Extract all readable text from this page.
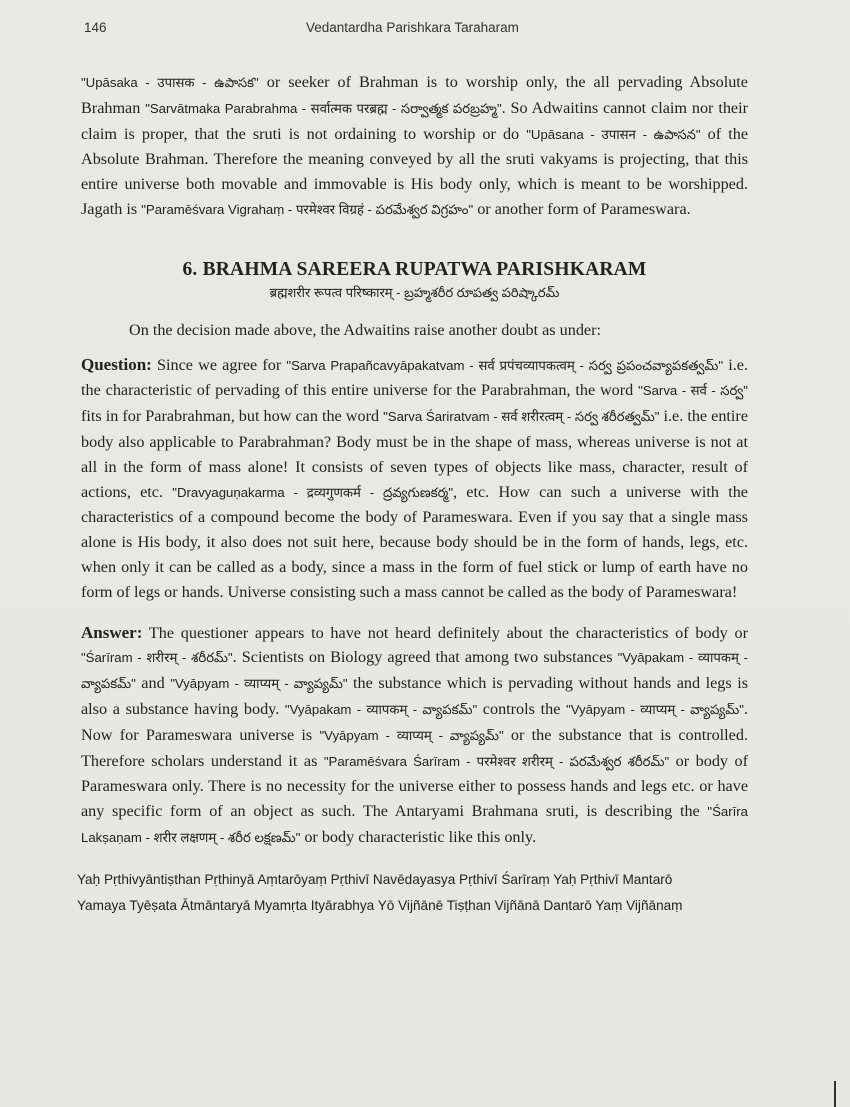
146	Vedantardha Parishkara Taraharam

"Upāsaka - उपासक - ఉపాసక" or seeker of Brahman is to worship only, the all pervading Absolute Brahman "Sarvātmaka Parabrahma - सर्वात्मक परब्रह्म - సర్వాత్మక పరబ్రహ్మ". So Adwaitins cannot claim nor their claim is proper, that the sruti is not ordaining to worship or do "Upāsana - उपासन - ఉపాసన" of the Absolute Brahman. Therefore the meaning conveyed by all the sruti vakyams is projecting, that this entire universe both movable and immovable is His body only, which is meant to be worshipped. Jagath is "Paramēśvara Vigrahaṃ - परमेश्वर विग्रहं - పరమేశ్వర విగ్రహం" or another form of Parameswara.

6. BRAHMA SAREERA RUPATWA PARISHKARAM
ब्रह्मशरीर रूपत्व परिष्कारम् - బ్రహ్మశరీర రూపత్వ పరిష్కారమ్

On the decision made above, the Adwaitins raise another doubt as under:

Question: Since we agree for "Sarva Prapañcavyāpakatvam - सर्व प्रपंचव्यापकत्वम् - సర్వ ప్రపంచవ్యాపకత్వమ్" i.e. the characteristic of pervading of this entire universe for the Parabrahman, the word "Sarva - सर्व - సర్వ" fits in for Parabrahman, but how can the word "Sarva Śariratvam - सर्व शरीरत्वम् - సర్వ శరీరత్వమ్" i.e. the entire body also applicable to Parabrahman? Body must be in the shape of mass, whereas universe is not at all in the form of mass alone! It consists of seven types of objects like mass, character, result of actions, etc. "Dravyaguṇakarma - द्रव्यगुणकर्म - ద్రవ్యగుణకర్మ", etc. How can such a universe with the characteristics of a compound become the body of Parameswara. Even if you say that a single mass alone is His body, it also does not suit here, because body should be in the form of hands, legs, etc. when only it can be called as a body, since a mass in the form of fuel stick or lump of earth have no form of legs or hands. Universe consisting such a mass cannot be called as the body of Parameswara!

Answer: The questioner appears to have not heard definitely about the characteristics of body or "Śarīram - शरीरम् - శరీరమ్". Scientists on Biology agreed that among two substances "Vyāpakam - व्यापकम् - వ్యాపకమ్" and "Vyāpyam - व्याप्यम् - వ్యాప్యమ్" the substance which is pervading without hands and legs is also a substance having body. "Vyāpakam - व्यापकम् - వ్యాపకమ్" controls the "Vyāpyam - व्याप्यम् - వ్యాప్యమ్". Now for Parameswara universe is "Vyāpyam - व्याप्यम् - వ్యాప్యమ్" or the substance that is controlled. Therefore scholars understand it as "Paramēśvara Śarīram - परमेश्वर शरीरम् - పరమేశ్వర శరీరమ్" or body of Parameswara only. There is no necessity for the universe either to possess hands and legs etc. or have any specific form of an object as such. The Antaryami Brahmana sruti, is describing the "Śarīra Lakṣaṇam - शरीर लक्षणम् - శరీర లక్షణమ్" or body characteristic like this only.

Yaḥ Pṛthivyāntiṣthan Pṛthinyā Aṃtarōyaṃ Pṛthivī Navēdayasya Pṛthivī Śarīraṃ Yaḥ Pṛthivī Mantarō
Yamaya Tyēṣata Ātmāntaryā Myamṛta Ityārabhya Yō Vijñānē Tiṣṭhan Vijñānā Dantarō Yaṃ Vijñānaṃ
